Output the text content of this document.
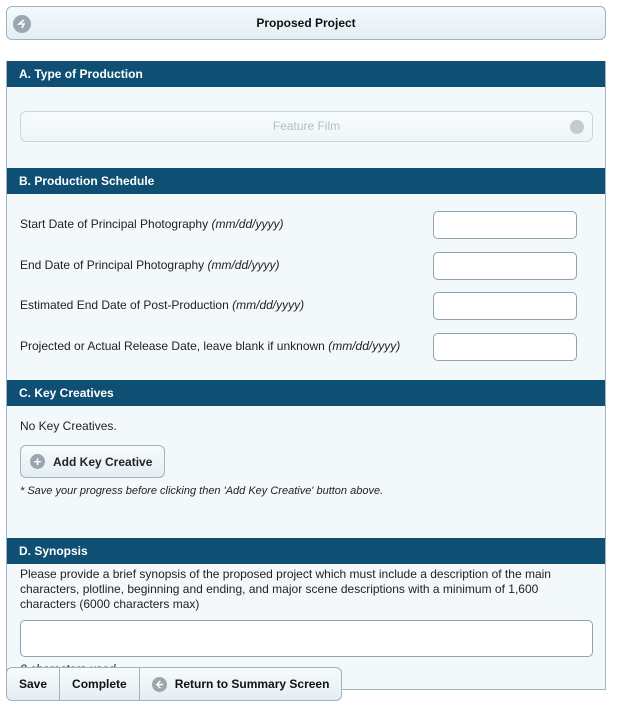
Proposed Project
A. Type of Production
Feature Film
B. Production Schedule
Start Date of Principal Photography (mm/dd/yyyy)
End Date of Principal Photography (mm/dd/yyyy)
Estimated End Date of Post-Production (mm/dd/yyyy)
Projected or Actual Release Date, leave blank if unknown (mm/dd/yyyy)
C. Key Creatives
No Key Creatives.
+ Add Key Creative
* Save your progress before clicking then 'Add Key Creative' button above.
D. Synopsis
Please provide a brief synopsis of the proposed project which must include a description of the main characters, plotline, beginning and ending, and major scene descriptions with a minimum of 1,600 characters (6000 characters max)
Save	Complete	Return to Summary Screen
